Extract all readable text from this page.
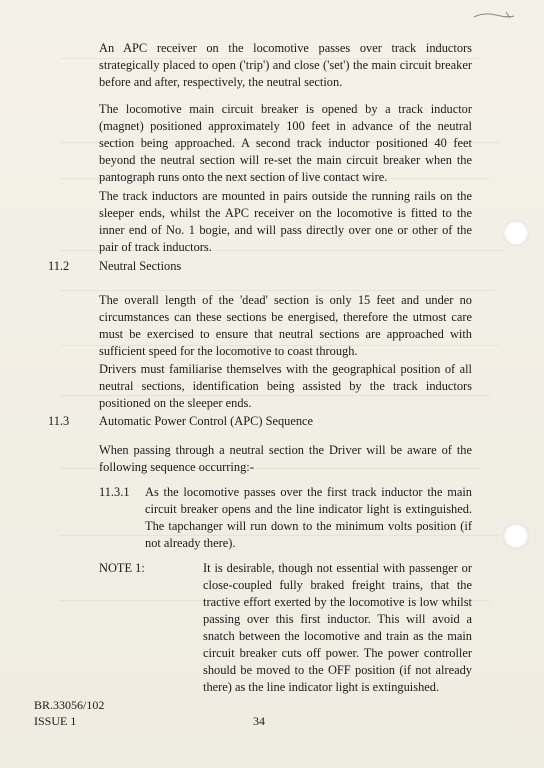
An APC receiver on the locomotive passes over track inductors strategically placed to open ('trip') and close ('set') the main circuit breaker before and after, respectively, the neutral section.

The locomotive main circuit breaker is opened by a track inductor (magnet) positioned approximately 100 feet in advance of the neutral section being approached. A second track inductor positioned 40 feet beyond the neutral section will re-set the main circuit breaker when the pantograph runs onto the next section of live contact wire.

The track inductors are mounted in pairs outside the running rails on the sleeper ends, whilst the APC receiver on the locomotive is fitted to the inner end of No. 1 bogie, and will pass directly over one or other of the pair of track inductors.

11.2 Neutral Sections

The overall length of the 'dead' section is only 15 feet and under no circumstances can these sections be energised, therefore the utmost care must be exercised to ensure that neutral sections are approached with sufficient speed for the locomotive to coast through.

Drivers must familiarise themselves with the geographical position of all neutral sections, identification being assisted by the track inductors positioned on the sleeper ends.

11.3 Automatic Power Control (APC) Sequence

When passing through a neutral section the Driver will be aware of the following sequence occurring:-

11.3.1 As the locomotive passes over the first track inductor the main circuit breaker opens and the line indicator light is extinguished. The tapchanger will run down to the minimum volts position (if not already there).

NOTE 1:	It is desirable, though not essential with passenger or close-coupled fully braked freight trains, that the tractive effort exerted by the locomotive is low whilst passing over this first inductor. This will avoid a snatch between the locomotive and train as the main circuit breaker cuts off power. The power controller should be moved to the OFF position (if not already there) as the line indicator light is extinguished.

BR.33056/102
ISSUE 1	34
